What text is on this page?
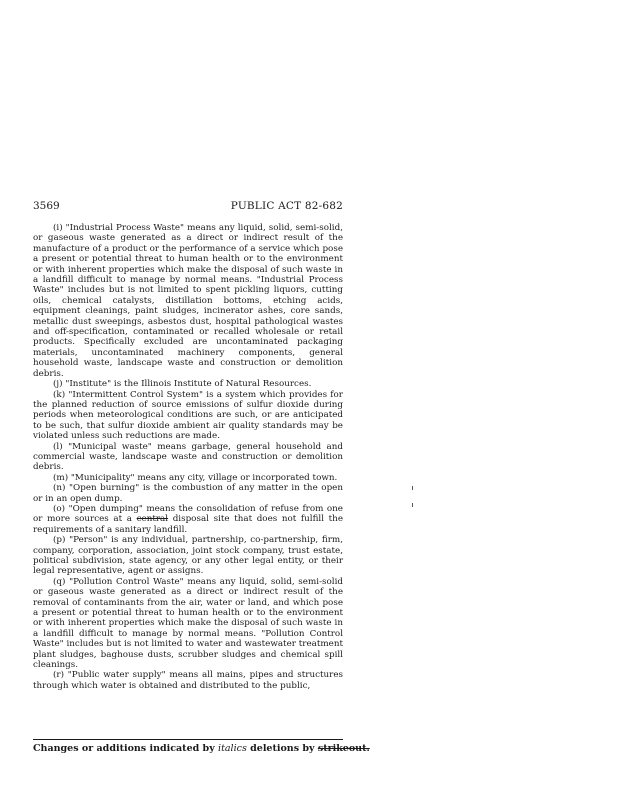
3569	PUBLIC ACT 82-682

(i) "Industrial Process Waste" means any liquid, solid, semi-solid, or gaseous waste generated as a direct or indirect result of the manufacture of a product or the performance of a service which pose a present or potential threat to human health or to the environment or with inherent properties which make the disposal of such waste in a landfill difficult to manage by normal means. "Industrial Process Waste" includes but is not limited to spent pickling liquors, cutting oils, chemical catalysts, distillation bottoms, etching acids, equipment cleanings, paint sludges, incinerator ashes, core sands, metallic dust sweepings, asbestos dust, hospital pathological wastes and off-specification, contaminated or recalled wholesale or retail products. Specifically excluded are uncontaminated packaging materials, uncontaminated machinery components, general household waste, landscape waste and construction or demolition debris.

(j) "Institute" is the Illinois Institute of Natural Resources.

(k) "Intermittent Control System" is a system which provides for the planned reduction of source emissions of sulfur dioxide during periods when meteorological conditions are such, or are anticipated to be such, that sulfur dioxide ambient air quality standards may be violated unless such reductions are made.

(l) "Municipal waste" means garbage, general household and commercial waste, landscape waste and construction or demolition debris.

(m) "Municipality" means any city, village or incorporated town.

(n) "Open burning" is the combustion of any matter in the open or in an open dump.

(o) "Open dumping" means the consolidation of refuse from one or more sources at a central disposal site that does not fulfill the requirements of a sanitary landfill.

(p) "Person" is any individual, partnership, co-partnership, firm, company, corporation, association, joint stock company, trust estate, political subdivision, state agency, or any other legal entity, or their legal representative, agent or assigns.

(q) "Pollution Control Waste" means any liquid, solid, semi-solid or gaseous waste generated as a direct or indirect result of the removal of contaminants from the air, water or land, and which pose a present or potential threat to human health or to the environment or with inherent properties which make the disposal of such waste in a landfill difficult to manage by normal means. "Pollution Control Waste" includes but is not limited to water and wastewater treatment plant sludges, baghouse dusts, scrubber sludges and chemical spill cleanings.

(r) "Public water supply" means all mains, pipes and structures through which water is obtained and distributed to the public,

Changes or additions indicated by italics deletions by strikeout.
